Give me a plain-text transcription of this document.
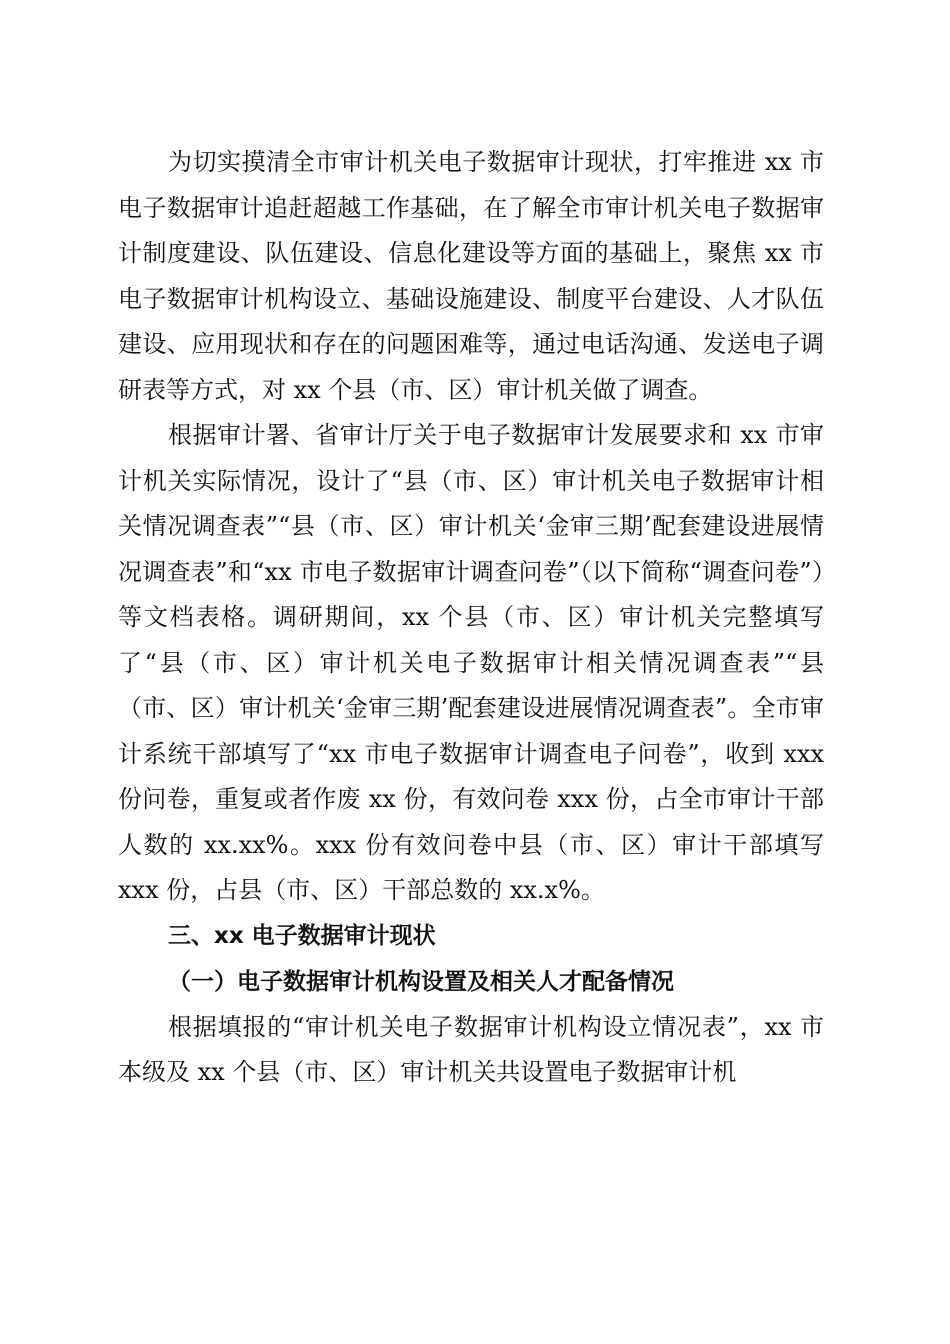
为切实摸清全市审计机关电子数据审计现状，打牢推进 xx 市电子数据审计追赶超越工作基础，在了解全市审计机关电子数据审计制度建设、队伍建设、信息化建设等方面的基础上，聚焦 xx 市电子数据审计机构设立、基础设施建设、制度平台建设、人才队伍建设、应用现状和存在的问题困难等，通过电话沟通、发送电子调研表等方式，对 xx 个县（市、区）审计机关做了调查。

根据审计署、省审计厅关于电子数据审计发展要求和 xx 市审计机关实际情况，设计了“县（市、区）审计机关电子数据审计相关情况调查表”“县（市、区）审计机关‘金审三期’配套建设进展情况调查表”和“xx 市电子数据审计调查问卷”（以下简称“调查问卷”）等文档表格。调研期间，xx 个县（市、区）审计机关完整填写了“县（市、区）审计机关电子数据审计相关情况调查表”“县（市、区）审计机关‘金审三期’配套建设进展情况调查表”。全市审计系统干部填写了“xx 市电子数据审计调查电子问卷”，收到 xxx 份问卷，重复或者作废 xx 份，有效问卷 xxx 份，占全市审计干部人数的 xx.xx%。xxx 份有效问卷中县（市、区）审计干部填写 xxx 份，占县（市、区）干部总数的 xx.x%。

三、xx 电子数据审计现状

（一）电子数据审计机构设置及相关人才配备情况

根据填报的“审计机关电子数据审计机构设立情况表”，xx 市本级及 xx 个县（市、区）审计机关共设置电子数据审计机
